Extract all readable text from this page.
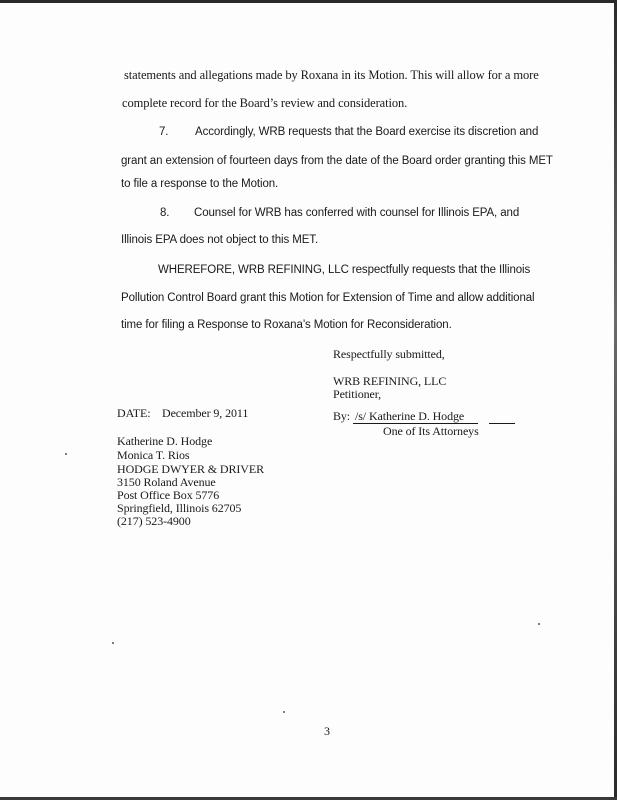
statements and allegations made by Roxana in its Motion. This will allow for a more
complete record for the Board’s review and consideration.
7. Accordingly, WRB requests that the Board exercise its discretion and
grant an extension of fourteen days from the date of the Board order granting this MET
to file a response to the Motion.
8. Counsel for WRB has conferred with counsel for Illinois EPA, and
Illinois EPA does not object to this MET.
WHEREFORE, WRB REFINING, LLC respectfully requests that the Illinois
Pollution Control Board grant this Motion for Extension of Time and allow additional
time for filing a Response to Roxana’s Motion for Reconsideration.
Respectfully submitted,
WRB REFINING, LLC
Petitioner,
DATE: December 9, 2011	By: /s/ Katherine D. Hodge
One of Its Attorneys
Katherine D. Hodge
Monica T. Rios
HODGE DWYER & DRIVER
3150 Roland Avenue
Post Office Box 5776
Springfield, Illinois 62705
(217) 523-4900
3
